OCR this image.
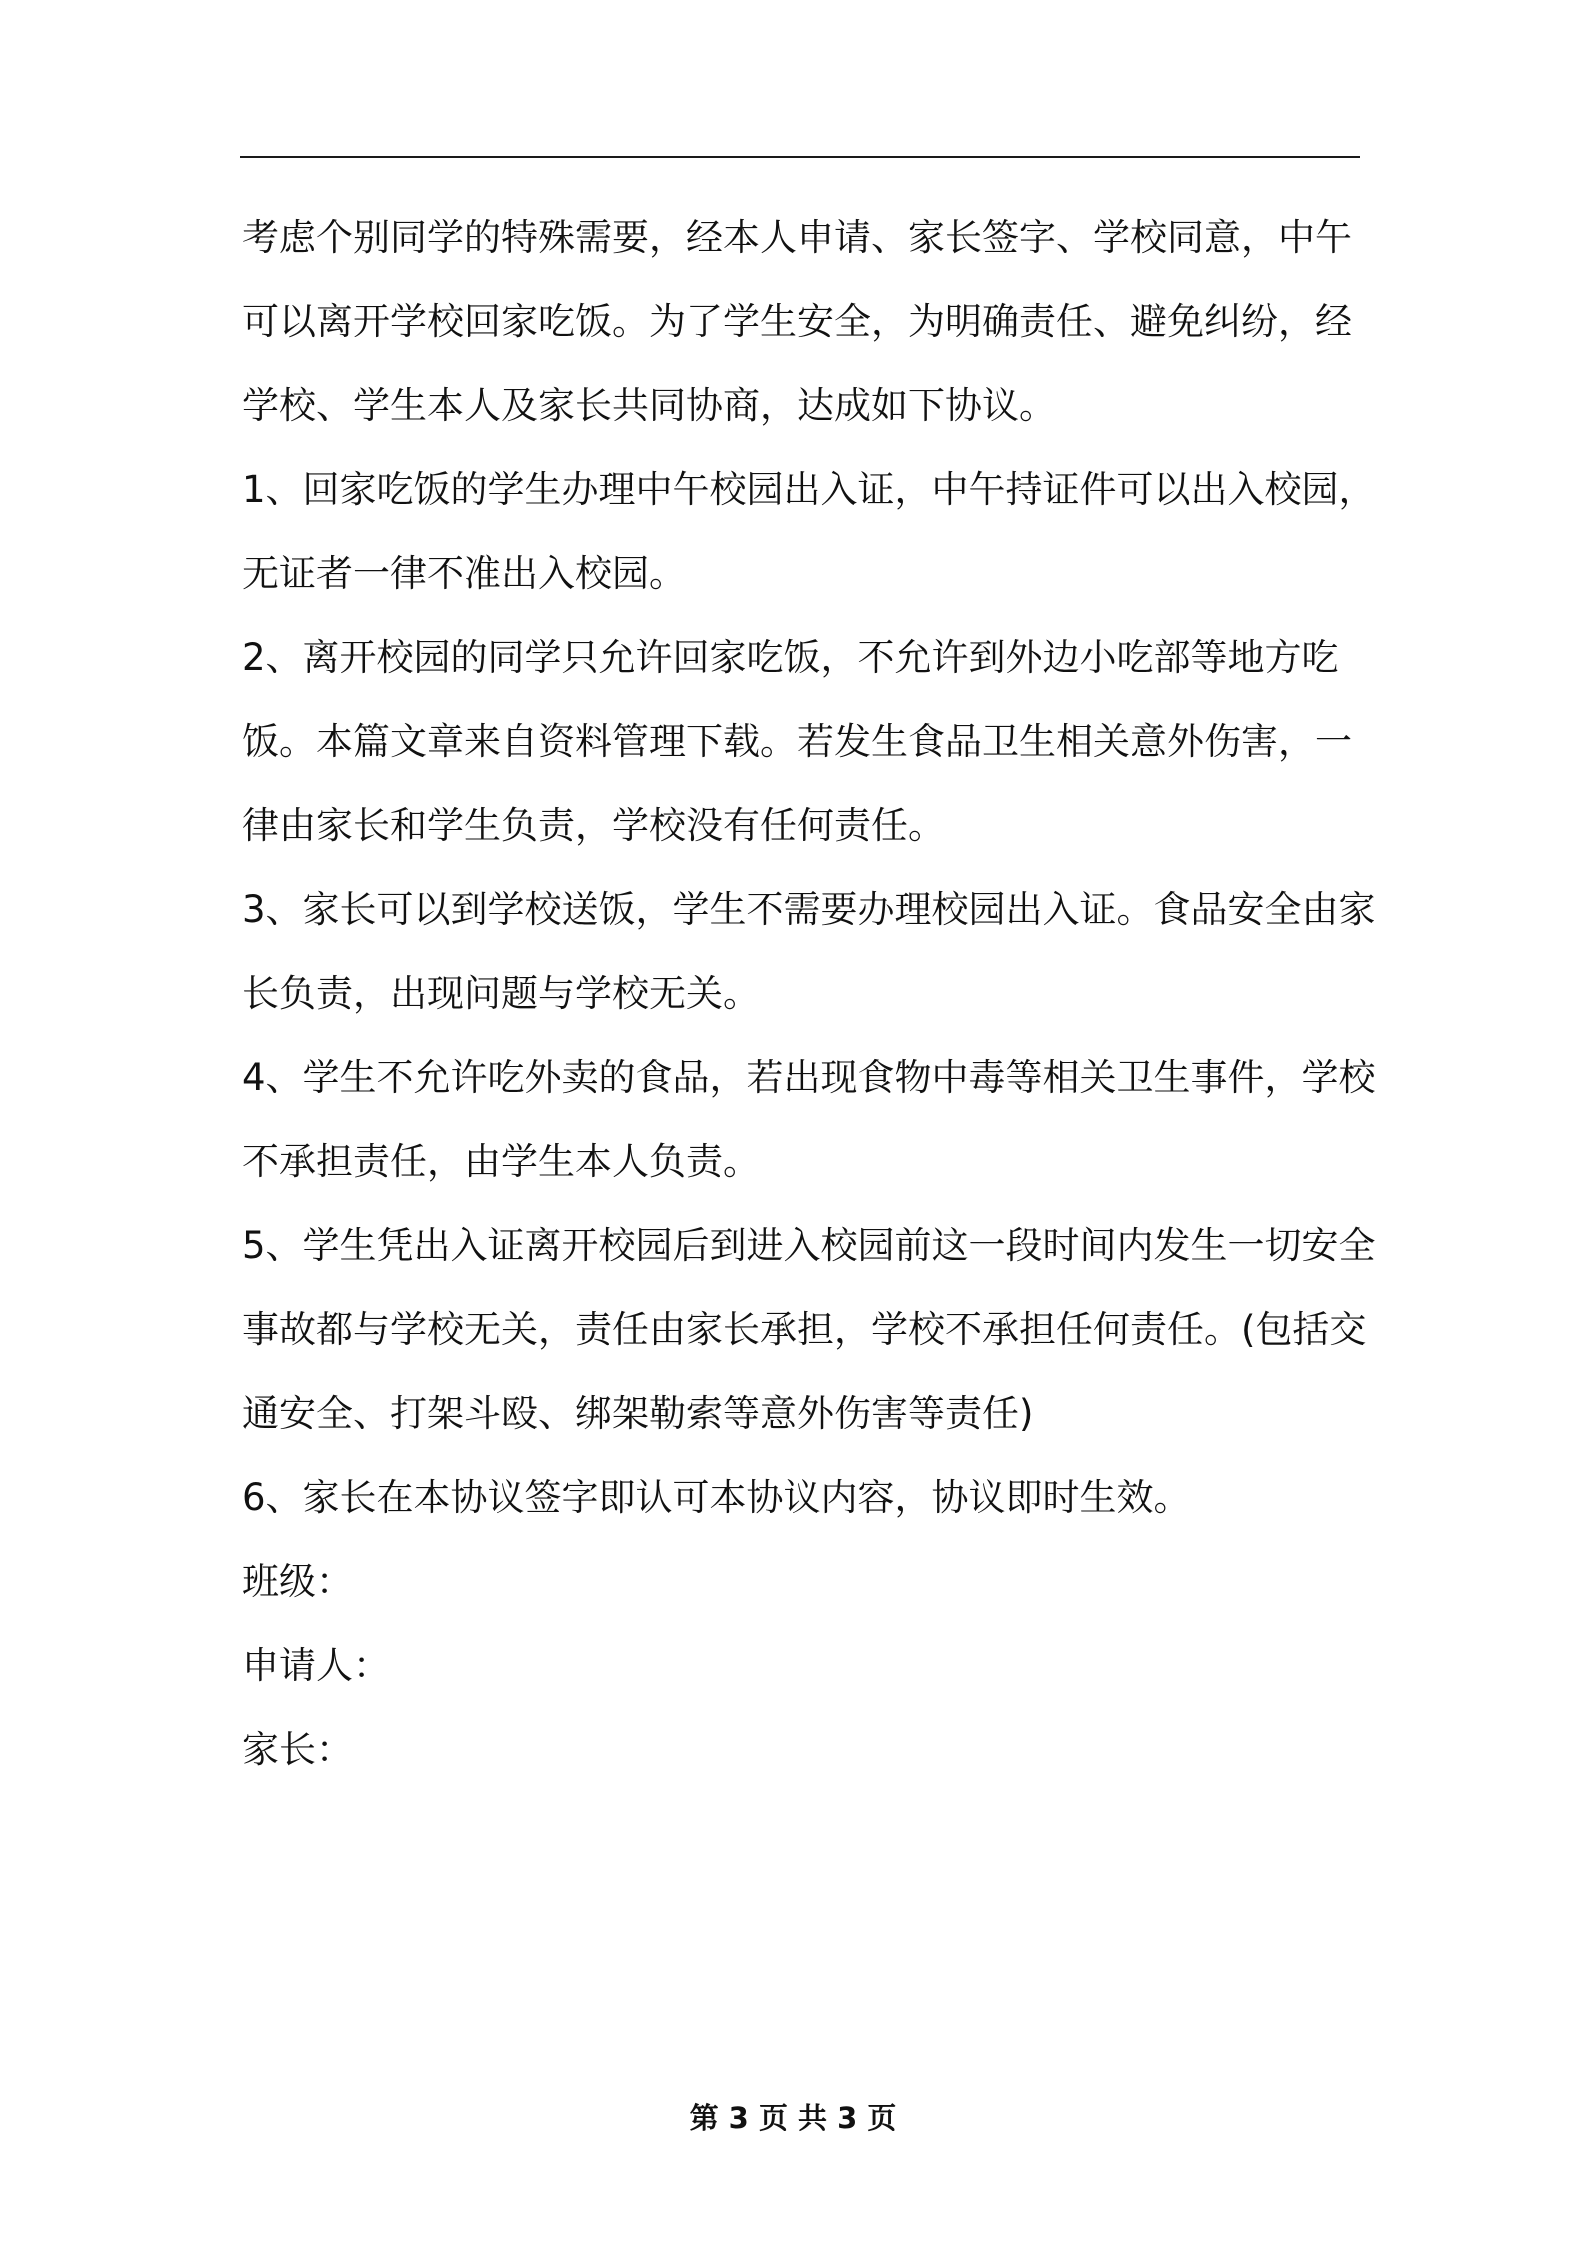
考虑个别同学的特殊需要，经本人申请、家长签字、学校同意，中午可以离开学校回家吃饭。为了学生安全，为明确责任、避免纠纷，经学校、学生本人及家长共同协商，达成如下协议。

1、回家吃饭的学生办理中午校园出入证，中午持证件可以出入校园，无证者一律不准出入校园。

2、离开校园的同学只允许回家吃饭，不允许到外边小吃部等地方吃饭。本篇文章来自资料管理下载。若发生食品卫生相关意外伤害，一律由家长和学生负责，学校没有任何责任。

3、家长可以到学校送饭，学生不需要办理校园出入证。食品安全由家长负责，出现问题与学校无关。

4、学生不允许吃外卖的食品，若出现食物中毒等相关卫生事件，学校不承担责任，由学生本人负责。

5、学生凭出入证离开校园后到进入校园前这一段时间内发生一切安全事故都与学校无关，责任由家长承担，学校不承担任何责任。(包括交通安全、打架斗殴、绑架勒索等意外伤害等责任)

6、家长在本协议签字即认可本协议内容，协议即时生效。

班级：

申请人：

家长：

第 3 页 共 3 页
